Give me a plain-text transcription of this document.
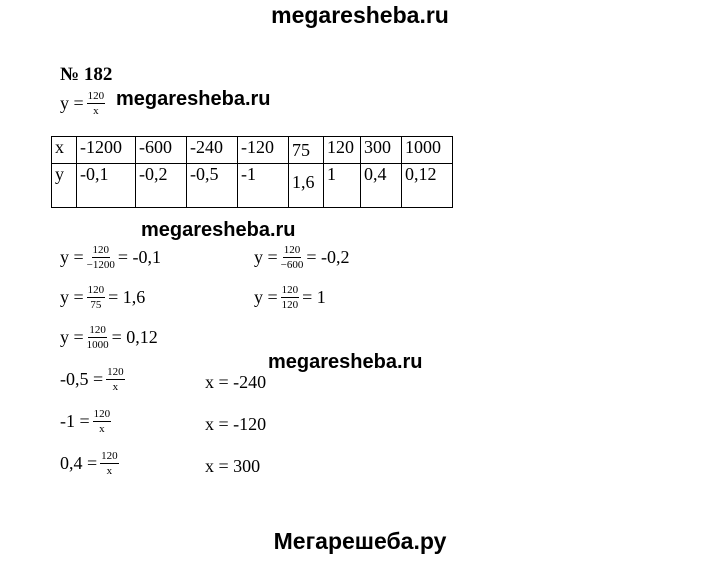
megaresheba.ru
№ 182
$y = \frac{120}{x}$ megaresheba.ru
x	-1200	-600	-240	-120	75	120	300	1000
y	-0,1	-0,2	-0,5	-1	1,6	1	0,4	0,12
megaresheba.ru
$y = \frac{120}{-1200} = -0,1$	$y = \frac{120}{-600} = -0,2$
$y = \frac{120}{75} = 1,6$	$y = \frac{120}{120} = 1$
$y = \frac{120}{1000} = 0,12$
megaresheba.ru
$-0,5 = \frac{120}{x}$	x = -240
$-1 = \frac{120}{x}$	x = -120
$0,4 = \frac{120}{x}$	x = 300
Мегарешеба.ру
